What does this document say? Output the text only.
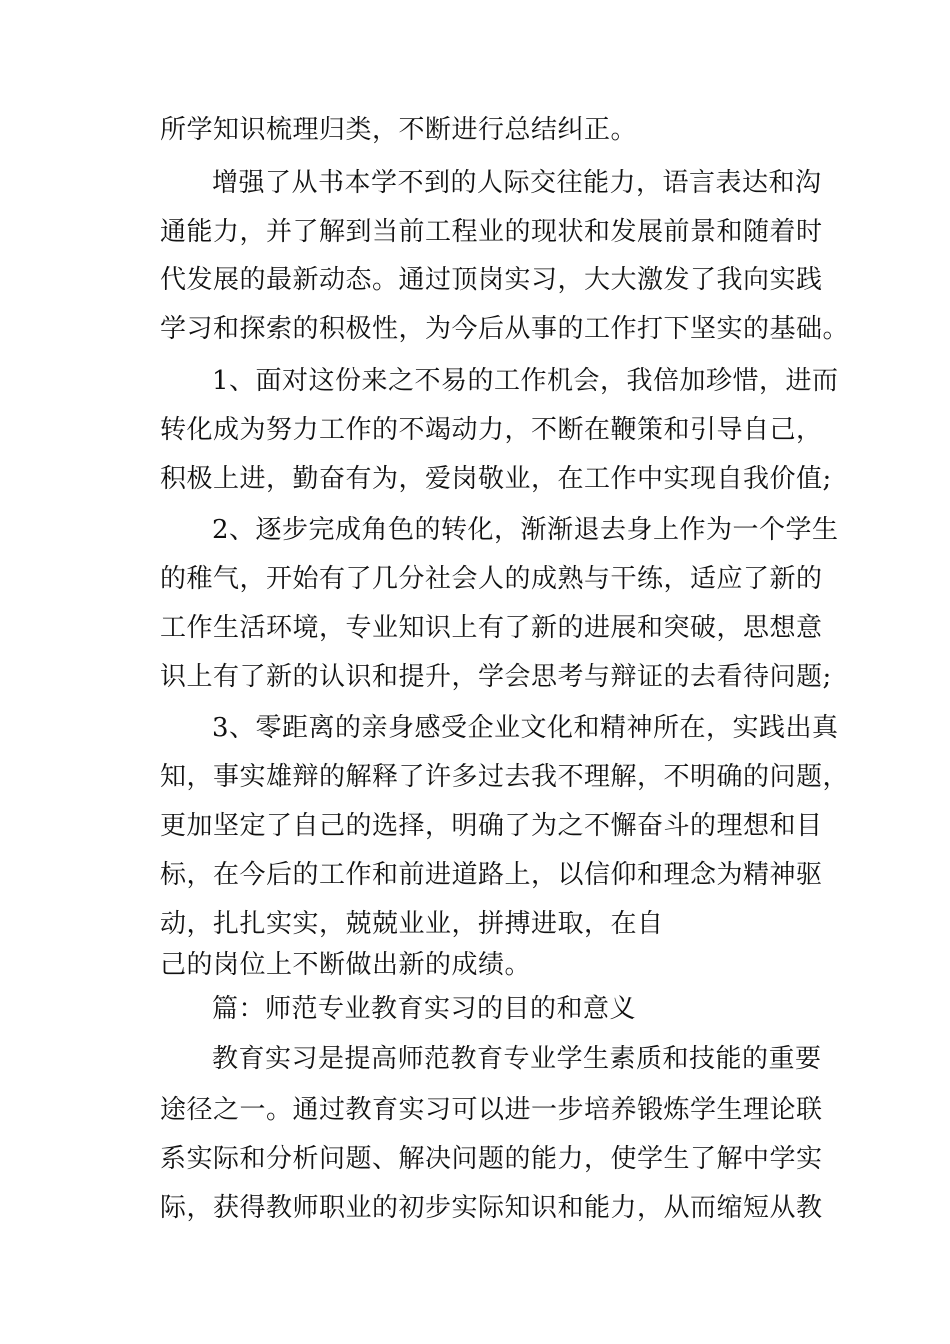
所学知识梳理归类，不断进行总结纠正。
增强了从书本学不到的人际交往能力，语言表达和沟
通能力，并了解到当前工程业的现状和发展前景和随着时
代发展的最新动态。通过顶岗实习，大大激发了我向实践
学习和探索的积极性，为今后从事的工作打下坚实的基础。
1、面对这份来之不易的工作机会，我倍加珍惜，进而
转化成为努力工作的不竭动力，不断在鞭策和引导自己，
积极上进，勤奋有为，爱岗敬业，在工作中实现自我价值;
2、逐步完成角色的转化，渐渐退去身上作为一个学生
的稚气，开始有了几分社会人的成熟与干练，适应了新的
工作生活环境，专业知识上有了新的进展和突破，思想意
识上有了新的认识和提升，学会思考与辩证的去看待问题;
3、零距离的亲身感受企业文化和精神所在，实践出真
知，事实雄辩的解释了许多过去我不理解，不明确的问题，
更加坚定了自己的选择，明确了为之不懈奋斗的理想和目
标，在今后的工作和前进道路上，以信仰和理念为精神驱
动，扎扎实实，兢兢业业，拼搏进取，在自
己的岗位上不断做出新的成绩。
篇：师范专业教育实习的目的和意义
教育实习是提高师范教育专业学生素质和技能的重要
途径之一。通过教育实习可以进一步培养锻炼学生理论联
系实际和分析问题、解决问题的能力，使学生了解中学实
际，获得教师职业的初步实际知识和能力，从而缩短从教
